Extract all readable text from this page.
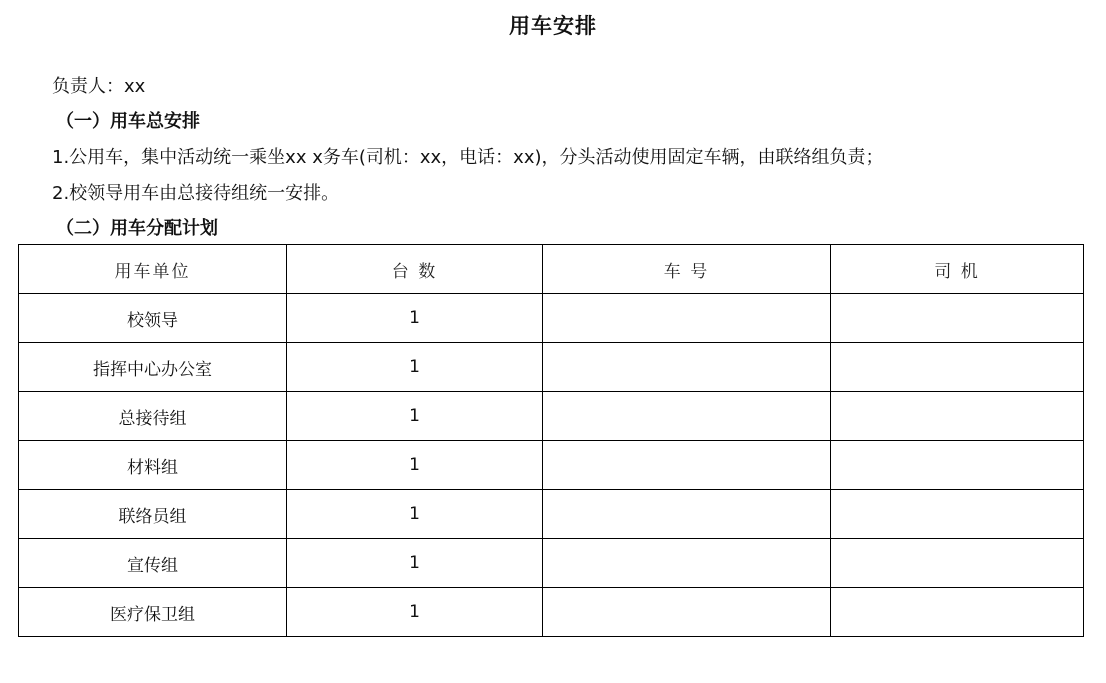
用车安排
负责人：xx
（一）用车总安排
1.公用车，集中活动统一乘坐xx x务车(司机：xx，电话：xx)，分头活动使用固定车辆，由联络组负责；
2.校领导用车由总接待组统一安排。
（二）用车分配计划
用车单位	台 数	车 号	司 机
校领导	1		
指挥中心办公室	1		
总接待组	1		
材料组	1		
联络员组	1		
宣传组	1		
医疗保卫组	1		
